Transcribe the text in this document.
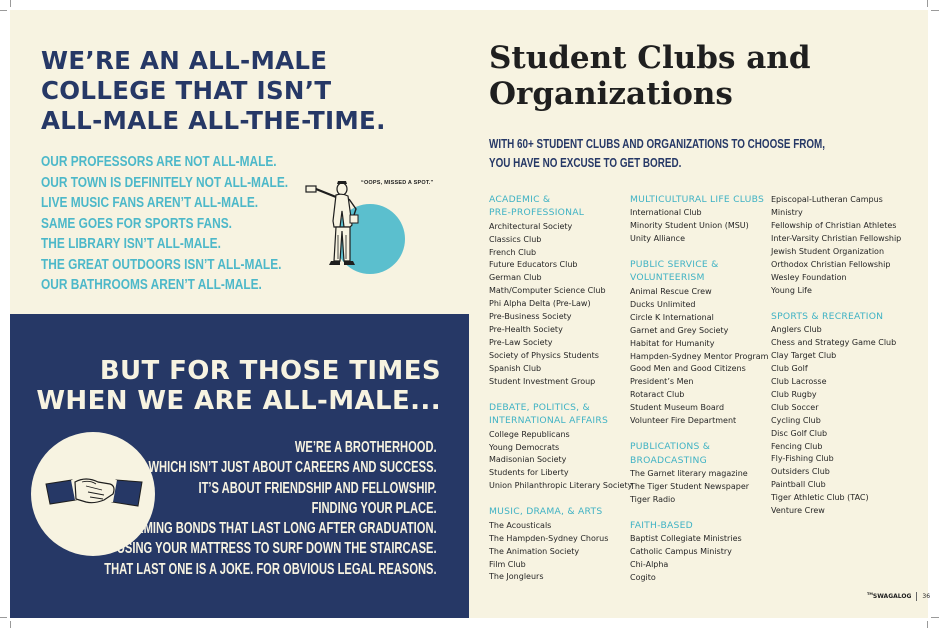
WE’RE AN ALL-MALE
COLLEGE THAT ISN’T
ALL-MALE ALL-THE-TIME.
OUR PROFESSORS ARE NOT ALL-MALE.
OUR TOWN IS DEFINITELY NOT ALL-MALE.
LIVE MUSIC FANS AREN’T ALL-MALE.
SAME GOES FOR SPORTS FANS.
THE LIBRARY ISN’T ALL-MALE.
THE GREAT OUTDOORS ISN’T ALL-MALE.
OUR BATHROOMS AREN’T ALL-MALE.
“OOPS, MISSED A SPOT.”
BUT FOR THOSE TIMES
WHEN WE ARE ALL-MALE...
WE’RE A BROTHERHOOD.
WHICH ISN’T JUST ABOUT CAREERS AND SUCCESS.
IT’S ABOUT FRIENDSHIP AND FELLOWSHIP.
FINDING YOUR PLACE.
FORMING BONDS THAT LAST LONG AFTER GRADUATION.
USING YOUR MATTRESS TO SURF DOWN THE STAIRCASE.
THAT LAST ONE IS A JOKE. FOR OBVIOUS LEGAL REASONS.
Student Clubs and
Organizations
WITH 60+ STUDENT CLUBS AND ORGANIZATIONS TO CHOOSE FROM,
YOU HAVE NO EXCUSE TO GET BORED.
ACADEMIC &
PRE-PROFESSIONAL
Architectural Society
Classics Club
French Club
Future Educators Club
German Club
Math/Computer Science Club
Phi Alpha Delta (Pre-Law)
Pre-Business Society
Pre-Health Society
Pre-Law Society
Society of Physics Students
Spanish Club
Student Investment Group
DEBATE, POLITICS, &
INTERNATIONAL AFFAIRS
College Republicans
Young Democrats
Madisonian Society
Students for Liberty
Union Philanthropic Literary Society
MUSIC, DRAMA, & ARTS
The Acousticals
The Hampden-Sydney Chorus
The Animation Society
Film Club
The Jongleurs
MULTICULTURAL LIFE CLUBS
International Club
Minority Student Union (MSU)
Unity Alliance
PUBLIC SERVICE &
VOLUNTEERISM
Animal Rescue Crew
Ducks Unlimited
Circle K International
Garnet and Grey Society
Habitat for Humanity
Hampden-Sydney Mentor Program
Good Men and Good Citizens
President’s Men
Rotaract Club
Student Museum Board
Volunteer Fire Department
PUBLICATIONS &
BROADCASTING
The Garnet literary magazine
The Tiger Student Newspaper
Tiger Radio
FAITH-BASED
Baptist Collegiate Ministries
Catholic Campus Ministry
Chi-Alpha
Cogito
Episcopal-Lutheran Campus
Ministry
Fellowship of Christian Athletes
Inter-Varsity Christian Fellowship
Jewish Student Organization
Orthodox Christian Fellowship
Wesley Foundation
Young Life
SPORTS & RECREATION
Anglers Club
Chess and Strategy Game Club
Clay Target Club
Club Golf
Club Lacrosse
Club Rugby
Club Soccer
Cycling Club
Disc Golf Club
Fencing Club
Fly-Fishing Club
Outsiders Club
Paintball Club
Tiger Athletic Club (TAC)
Venture Crew
™SWAGALOG 36
